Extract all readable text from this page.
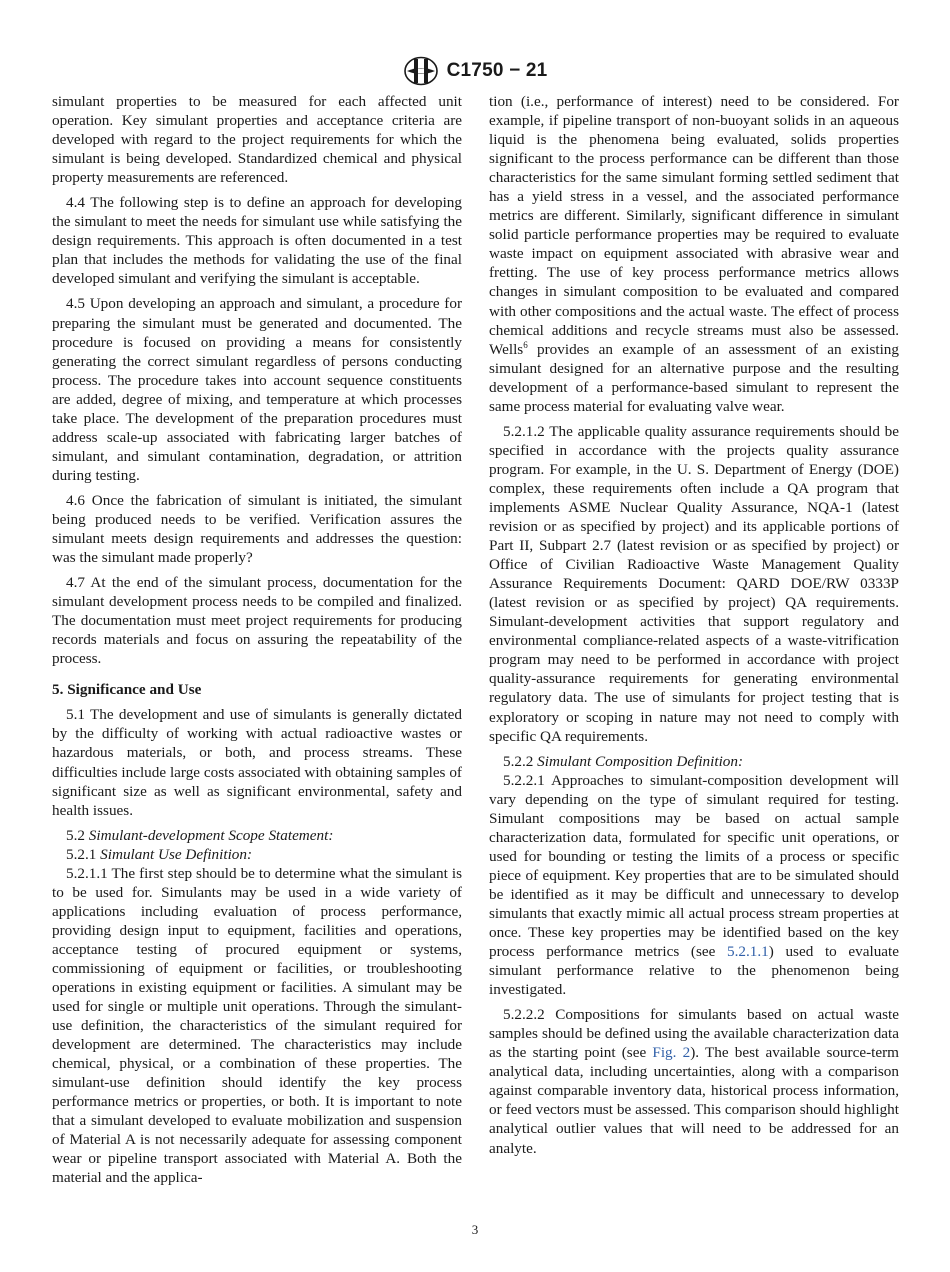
C1750 − 21

simulant properties to be measured for each affected unit operation. Key simulant properties and acceptance criteria are developed with regard to the project requirements for which the simulant is being developed. Standardized chemical and physical property measurements are referenced.

4.4 The following step is to define an approach for developing the simulant to meet the needs for simulant use while satisfying the design requirements. This approach is often documented in a test plan that includes the methods for validating the use of the final developed simulant and verifying the simulant is acceptable.

4.5 Upon developing an approach and simulant, a procedure for preparing the simulant must be generated and documented. The procedure is focused on providing a means for consistently generating the correct simulant regardless of persons conducting process. The procedure takes into account sequence constituents are added, degree of mixing, and temperature at which processes take place. The development of the preparation procedures must address scale-up associated with fabricating larger batches of simulant, and simulant contamination, degradation, or attrition during testing.

4.6 Once the fabrication of simulant is initiated, the simulant being produced needs to be verified. Verification assures the simulant meets design requirements and addresses the question: was the simulant made properly?

4.7 At the end of the simulant process, documentation for the simulant development process needs to be compiled and finalized. The documentation must meet project requirements for producing records materials and focus on assuring the repeatability of the process.

5. Significance and Use

5.1 The development and use of simulants is generally dictated by the difficulty of working with actual radioactive wastes or hazardous materials, or both, and process streams. These difficulties include large costs associated with obtaining samples of significant size as well as significant environmental, safety and health issues.

5.2 Simulant-development Scope Statement:

5.2.1 Simulant Use Definition:

5.2.1.1 The first step should be to determine what the simulant is to be used for. Simulants may be used in a wide variety of applications including evaluation of process performance, providing design input to equipment, facilities and operations, acceptance testing of procured equipment or systems, commissioning of equipment or facilities, or troubleshooting operations in existing equipment or facilities. A simulant may be used for single or multiple unit operations. Through the simulant-use definition, the characteristics of the simulant required for development are determined. The characteristics may include chemical, physical, or a combination of these properties. The simulant-use definition should identify the key process performance metrics or properties, or both. It is important to note that a simulant developed to evaluate mobilization and suspension of Material A is not necessarily adequate for assessing component wear or pipeline transport associated with Material A. Both the material and the applica-

tion (i.e., performance of interest) need to be considered. For example, if pipeline transport of non-buoyant solids in an aqueous liquid is the phenomena being evaluated, solids properties significant to the process performance can be different than those characteristics for the same simulant forming settled sediment that has a yield stress in a vessel, and the associated performance metrics are different. Similarly, significant difference in simulant solid particle performance properties may be required to evaluate waste impact on equipment associated with abrasive wear and fretting. The use of key process performance metrics allows changes in simulant composition to be evaluated and compared with other compositions and the actual waste. The effect of process chemical additions and recycle streams must also be assessed. Wells$^6$ provides an example of an assessment of an existing simulant designed for an alternative purpose and the resulting development of a performance-based simulant to represent the same process material for evaluating valve wear.

5.2.1.2 The applicable quality assurance requirements should be specified in accordance with the projects quality assurance program. For example, in the U. S. Department of Energy (DOE) complex, these requirements often include a QA program that implements ASME Nuclear Quality Assurance, NQA-1 (latest revision or as specified by project) and its applicable portions of Part II, Subpart 2.7 (latest revision or as specified by project) or Office of Civilian Radioactive Waste Management Quality Assurance Requirements Document: QARD DOE/RW 0333P (latest revision or as specified by project) QA requirements. Simulant-development activities that support regulatory and environmental compliance-related aspects of a waste-vitrification program may need to be performed in accordance with project quality-assurance requirements for generating environmental regulatory data. The use of simulants for project testing that is exploratory or scoping in nature may not need to comply with specific QA requirements.

5.2.2 Simulant Composition Definition:

5.2.2.1 Approaches to simulant-composition development will vary depending on the type of simulant required for testing. Simulant compositions may be based on actual sample characterization data, formulated for specific unit operations, or used for bounding or testing the limits of a process or specific piece of equipment. Key properties that are to be simulated should be identified as it may be difficult and unnecessary to develop simulants that exactly mimic all actual process stream properties at once. These key properties may be identified based on the key process performance metrics (see 5.2.1.1) used to evaluate simulant performance relative to the phenomenon being investigated.

5.2.2.2 Compositions for simulants based on actual waste samples should be defined using the available characterization data as the starting point (see Fig. 2). The best available source-term analytical data, including uncertainties, along with a comparison against comparable inventory data, historical process information, or feed vectors must be assessed. This comparison should highlight analytical outlier values that will need to be addressed for an analyte.

3
